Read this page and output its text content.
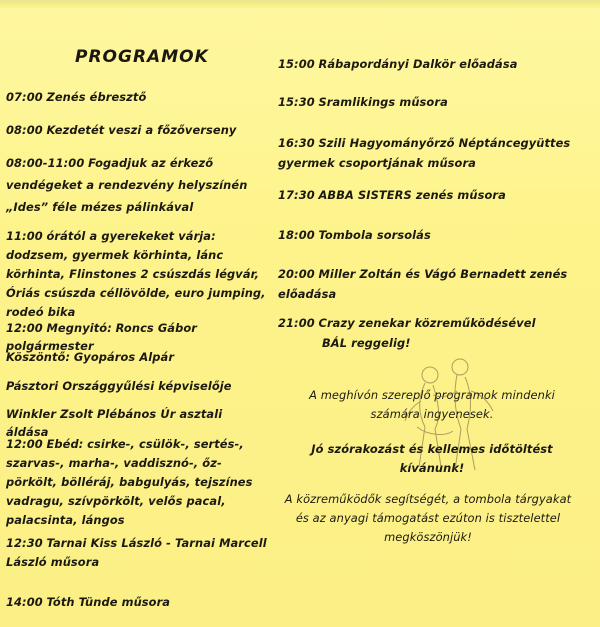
PROGRAMOK
07:00 Zenés ébresztő
08:00 Kezdetét veszi a főzőverseny
08:00-11:00 Fogadjuk az érkező vendégeket a rendezvény helyszínén „Ides” féle mézes pálinkával
11:00 órától a gyerekeket várja: dodzsem, gyermek körhinta, lánc körhinta, Flinstones 2 csúszdás légvár, Óriás csúszda céllövölde, euro jumping, rodeó bika
12:00 Megnyitó: Roncs Gábor polgármester
Köszöntő: Gyopáros Alpár
Pásztori Országgyűlési képviselője
Winkler Zsolt Plébános Úr asztali áldása
12:00 Ebéd: csirke-, csülök-, sertés-, szarvas-, marha-, vaddisznó-, őz- pörkölt, bölléráj, babgulyás, tejszínes vadragu, szívpörkölt, velős pacal, palacsinta, lángos
12:30 Tarnai Kiss László - Tarnai Marcell László műsora
14:00 Tóth Tünde műsora
15:00 Rábapordányi Dalkör előadása
15:30 Sramlikings műsora
16:30 Szili Hagyományőrző Néptáncegyüttes gyermek csoportjának műsora
17:30 ABBA SISTERS zenés műsora
18:00 Tombola sorsolás
20:00 Miller Zoltán és Vágó Bernadett zenés előadása
21:00 Crazy zenekar közreműködésével
BÁL reggelig!
A meghívón szereplő programok mindenki számára ingyenesek.
Jó szórakozást és kellemes időtöltést kívánunk!
A közreműködők segítségét, a tombola tárgyakat és az anyagi támogatást ezúton is tisztelettel megköszönjük!
